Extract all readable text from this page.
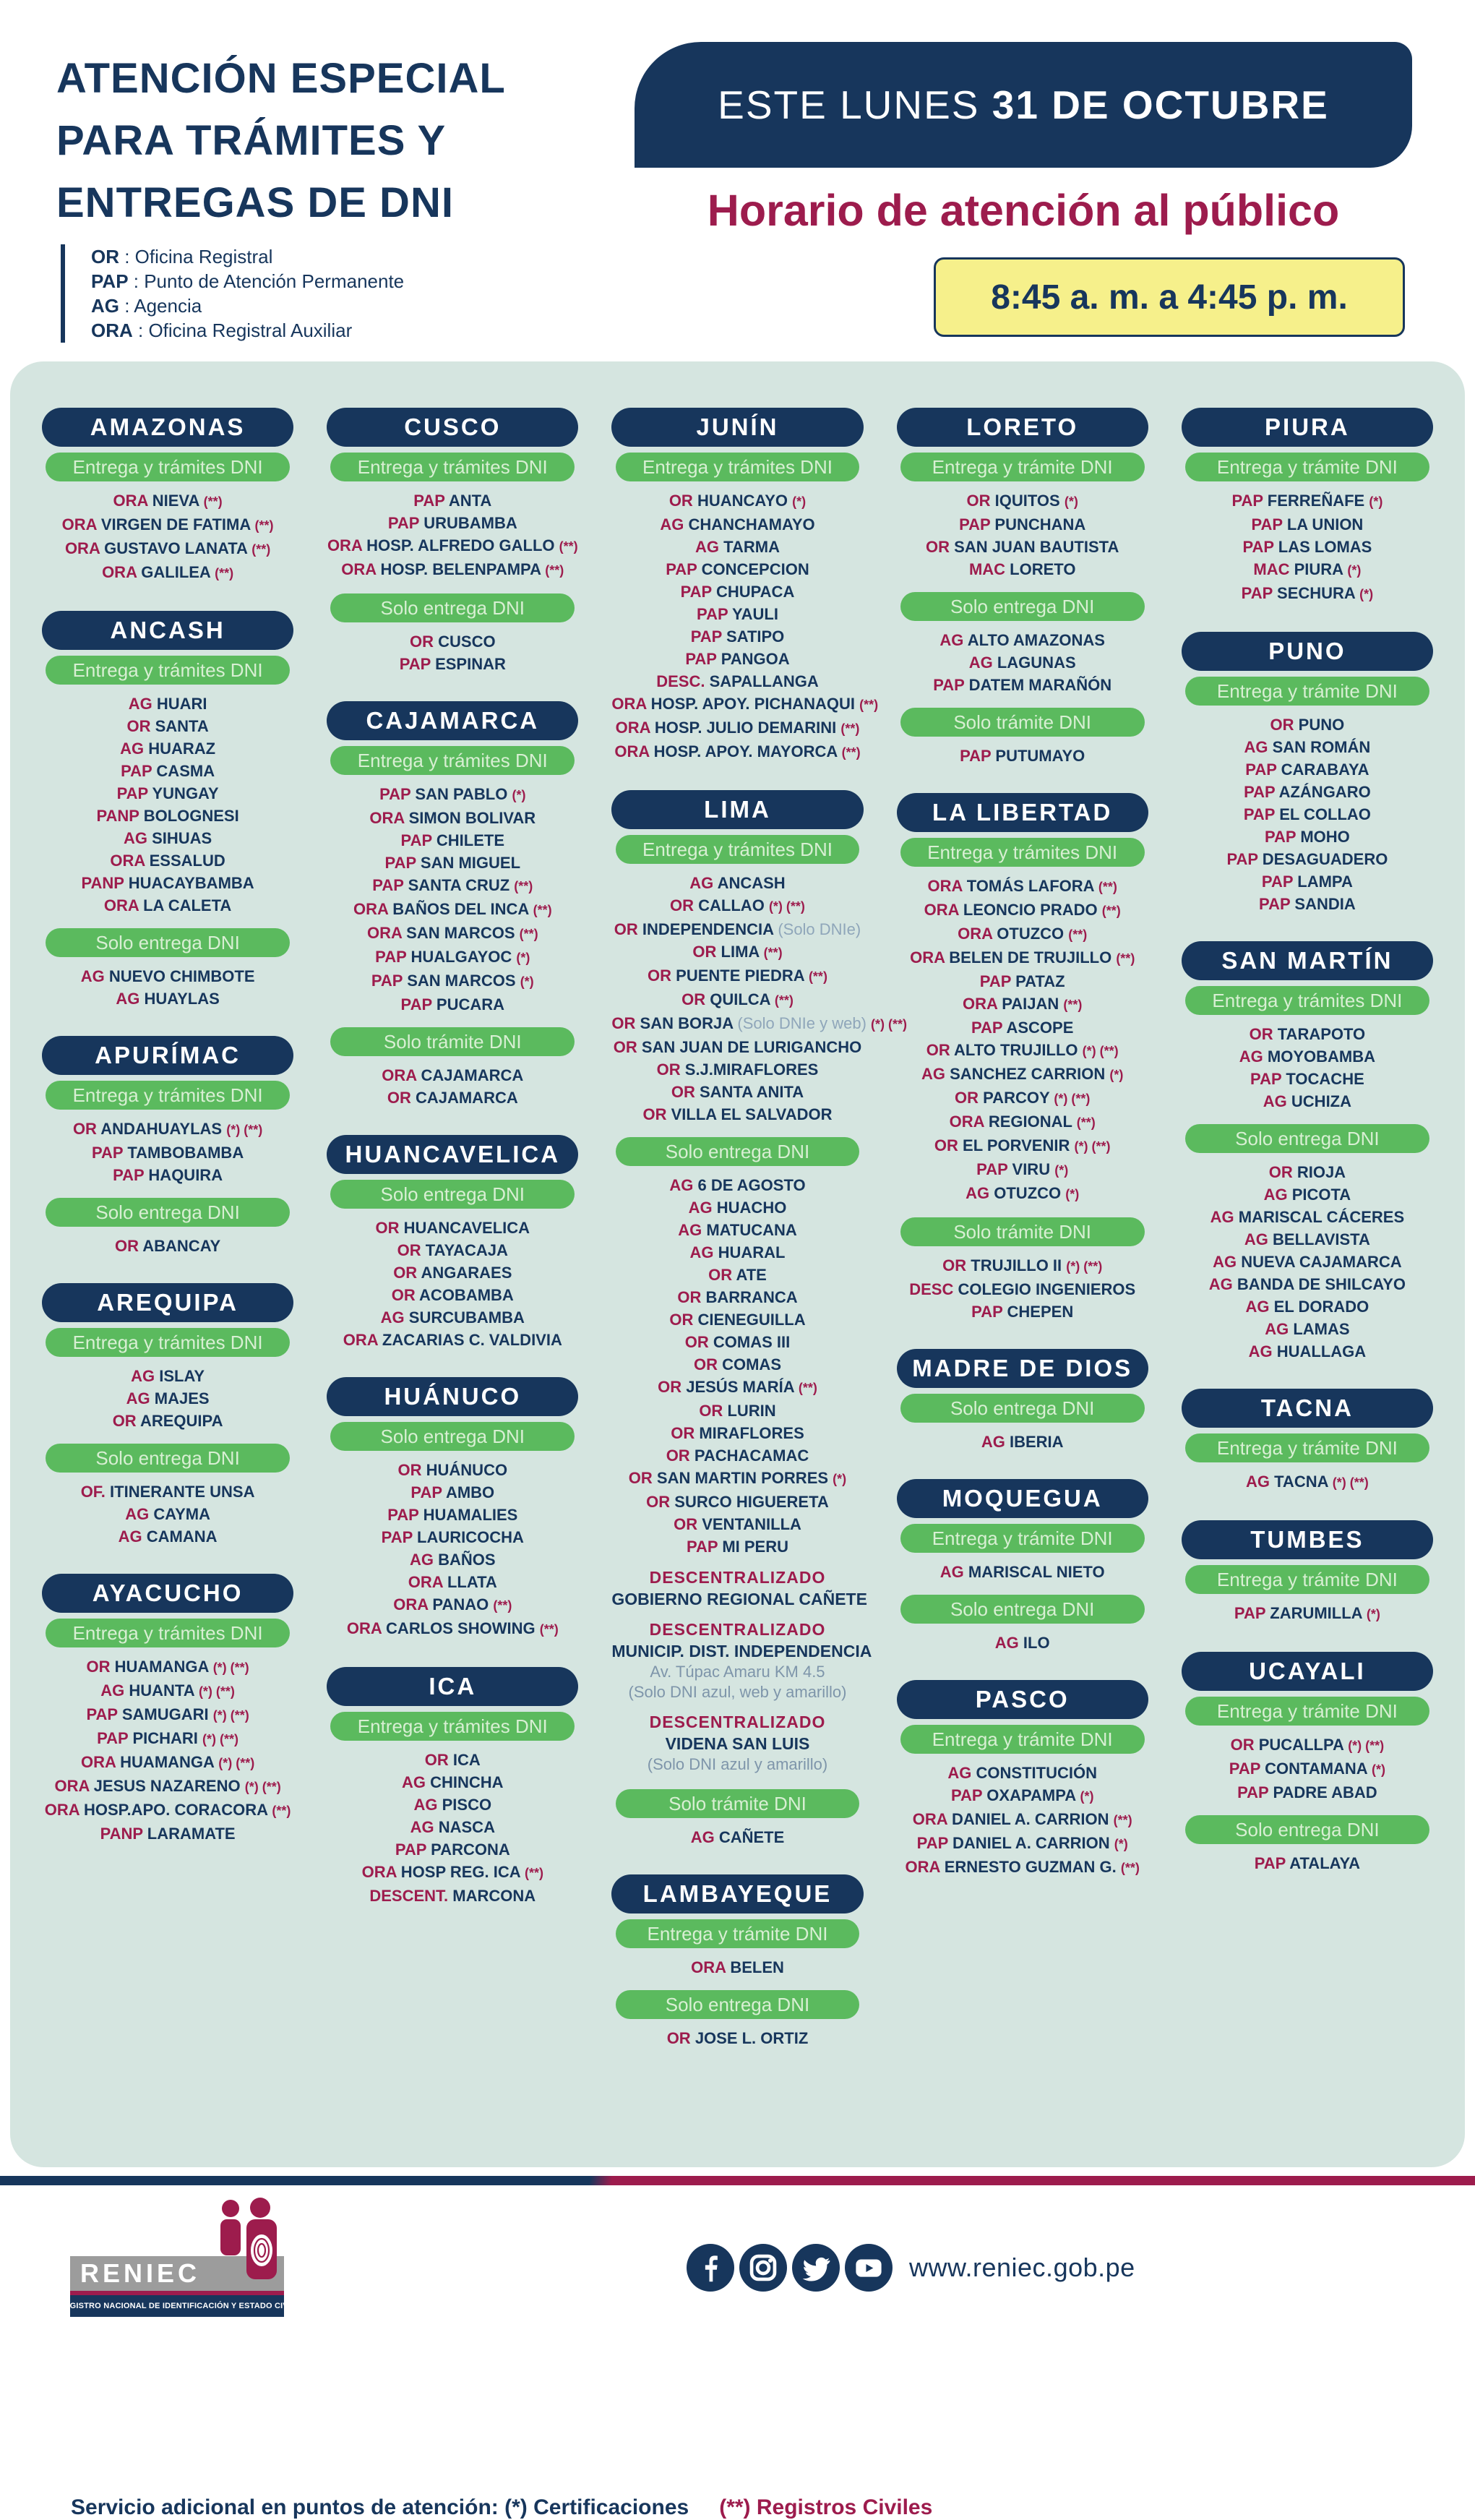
ATENCIÓN ESPECIAL
PARA TRÁMITES Y
ENTREGAS DE DNI
OR : Oficina Registral
PAP : Punto de Atención Permanente
AG : Agencia
ORA : Oficina Registral Auxiliar
ESTE LUNES 31 DE OCTUBRE
Horario de atención al público
8:45 a. m. a 4:45 p. m.
AMAZONAS
Entrega y trámites DNI
ORA NIEVA (**)
ORA VIRGEN DE FATIMA (**)
ORA GUSTAVO LANATA (**)
ORA GALILEA (**)
ANCASH
Entrega y trámites DNI
AG HUARI
OR SANTA
AG HUARAZ
PAP CASMA
PAP YUNGAY
PANP BOLOGNESI
AG SIHUAS
ORA ESSALUD
PANP HUACAYBAMBA
ORA LA CALETA
Solo entrega DNI
AG NUEVO CHIMBOTE
AG HUAYLAS
APURÍMAC
Entrega y trámites DNI
OR ANDAHUAYLAS (*) (**)
PAP TAMBOBAMBA
PAP HAQUIRA
Solo entrega DNI
OR ABANCAY
AREQUIPA
Entrega y trámites DNI
AG ISLAY
AG MAJES
OR AREQUIPA
Solo entrega DNI
OF. ITINERANTE UNSA
AG CAYMA
AG CAMANA
AYACUCHO
Entrega y trámites DNI
OR HUAMANGA (*) (**)
AG HUANTA (*) (**)
PAP SAMUGARI (*) (**)
PAP PICHARI (*) (**)
ORA HUAMANGA (*) (**)
ORA JESUS NAZARENO (*) (**)
ORA HOSP.APO. CORACORA (**)
PANP LARAMATE
CUSCO
Entrega y trámites DNI
PAP ANTA
PAP URUBAMBA
ORA HOSP. ALFREDO GALLO (**)
ORA HOSP. BELENPAMPA (**)
Solo entrega DNI
OR CUSCO
PAP ESPINAR
CAJAMARCA
Entrega y trámites DNI
PAP SAN PABLO (*)
ORA SIMON BOLIVAR
PAP CHILETE
PAP SAN MIGUEL
PAP SANTA CRUZ (**)
ORA BAÑOS DEL INCA (**)
ORA SAN MARCOS (**)
PAP HUALGAYOC (*)
PAP SAN MARCOS (*)
PAP PUCARA
Solo trámite DNI
ORA CAJAMARCA
OR CAJAMARCA
HUANCAVELICA
Solo entrega DNI
OR HUANCAVELICA
OR TAYACAJA
OR ANGARAES
OR ACOBAMBA
AG SURCUBAMBA
ORA ZACARIAS C. VALDIVIA
HUÁNUCO
Solo entrega DNI
OR HUÁNUCO
PAP AMBO
PAP HUAMALIES
PAP LAURICOCHA
AG BAÑOS
ORA LLATA
ORA PANAO (**)
ORA CARLOS SHOWING (**)
ICA
Entrega y trámites DNI
OR ICA
AG CHINCHA
AG PISCO
AG NASCA
PAP PARCONA
ORA HOSP REG. ICA (**)
DESCENT. MARCONA
JUNÍN
Entrega y trámites DNI
OR HUANCAYO (*)
AG CHANCHAMAYO
AG TARMA
PAP CONCEPCION
PAP CHUPACA
PAP YAULI
PAP SATIPO
PAP PANGOA
DESC. SAPALLANGA
ORA HOSP. APOY. PICHANAQUI (**)
ORA HOSP. JULIO DEMARINI (**)
ORA HOSP. APOY. MAYORCA (**)
LIMA
Entrega y trámites DNI
AG ANCASH
OR CALLAO (*) (**)
OR INDEPENDENCIA (Solo DNIe)
OR LIMA (**)
OR PUENTE PIEDRA (**)
OR QUILCA (**)
OR SAN BORJA (Solo DNIe y web) (*) (**)
OR SAN JUAN DE LURIGANCHO
OR S.J.MIRAFLORES
OR SANTA ANITA
OR VILLA EL SALVADOR
Solo entrega DNI
AG 6 DE AGOSTO
AG HUACHO
AG MATUCANA
AG HUARAL
OR ATE
OR BARRANCA
OR CIENEGUILLA
OR COMAS III
OR COMAS
OR JESÚS MARÍA (**)
OR LURIN
OR MIRAFLORES
OR PACHACAMAC
OR SAN MARTIN PORRES (*)
OR SURCO HIGUERETA
OR VENTANILLA
PAP MI PERU
DESCENTRALIZADO
GOBIERNO REGIONAL CAÑETE
DESCENTRALIZADO
MUNICIP. DIST. INDEPENDENCIA
Av. Túpac Amaru KM 4.5
(Solo DNI azul, web y amarillo)
DESCENTRALIZADO
VIDENA SAN LUIS
(Solo DNI azul y amarillo)
Solo trámite DNI
AG CAÑETE
LAMBAYEQUE
Entrega y trámite DNI
ORA BELEN
Solo entrega DNI
OR JOSE L. ORTIZ
LORETO
Entrega y trámite DNI
OR IQUITOS (*)
PAP PUNCHANA
OR SAN JUAN BAUTISTA
MAC LORETO
Solo entrega DNI
AG ALTO AMAZONAS
AG LAGUNAS
PAP DATEM MARAÑÓN
Solo trámite DNI
PAP PUTUMAYO
LA LIBERTAD
Entrega y trámites DNI
ORA TOMÁS LAFORA (**)
ORA LEONCIO PRADO (**)
ORA OTUZCO (**)
ORA BELEN DE TRUJILLO (**)
PAP PATAZ
ORA PAIJAN (**)
PAP ASCOPE
OR ALTO TRUJILLO (*) (**)
AG SANCHEZ CARRION (*)
OR PARCOY (*) (**)
ORA REGIONAL (**)
OR EL PORVENIR (*) (**)
PAP VIRU (*)
AG OTUZCO (*)
Solo trámite DNI
OR TRUJILLO II (*) (**)
DESC COLEGIO INGENIEROS
PAP CHEPEN
MADRE DE DIOS
Solo entrega DNI
AG IBERIA
MOQUEGUA
Entrega y trámite DNI
AG MARISCAL NIETO
Solo entrega DNI
AG ILO
PASCO
Entrega y trámite DNI
AG CONSTITUCIÓN
PAP OXAPAMPA (*)
ORA DANIEL A. CARRION (**)
PAP DANIEL A. CARRION (*)
ORA ERNESTO GUZMAN G. (**)
PIURA
Entrega y trámite DNI
PAP FERREÑAFE (*)
PAP LA UNION
PAP LAS LOMAS
MAC PIURA (*)
PAP SECHURA (*)
PUNO
Entrega y trámite DNI
OR PUNO
AG SAN ROMÁN
PAP CARABAYA
PAP AZÁNGARO
PAP EL COLLAO
PAP MOHO
PAP DESAGUADERO
PAP LAMPA
PAP SANDIA
SAN MARTÍN
Entrega y trámites DNI
OR TARAPOTO
AG MOYOBAMBA
PAP TOCACHE
AG UCHIZA
Solo entrega DNI
OR RIOJA
AG PICOTA
AG MARISCAL CÁCERES
AG BELLAVISTA
AG NUEVA CAJAMARCA
AG BANDA DE SHILCAYO
AG EL DORADO
AG LAMAS
AG HUALLAGA
TACNA
Entrega y trámite DNI
AG TACNA (*) (**)
TUMBES
Entrega y trámite DNI
PAP ZARUMILLA (*)
UCAYALI
Entrega y trámite DNI
OR PUCALLPA (*) (**)
PAP CONTAMANA (*)
PAP PADRE ABAD
Solo entrega DNI
PAP ATALAYA
Servicio adicional en puntos de atención: (*) Certificaciones (**) Registros Civiles
RENIEC
REGISTRO NACIONAL DE IDENTIFICACIÓN Y ESTADO CIVIL
www.reniec.gob.pe
